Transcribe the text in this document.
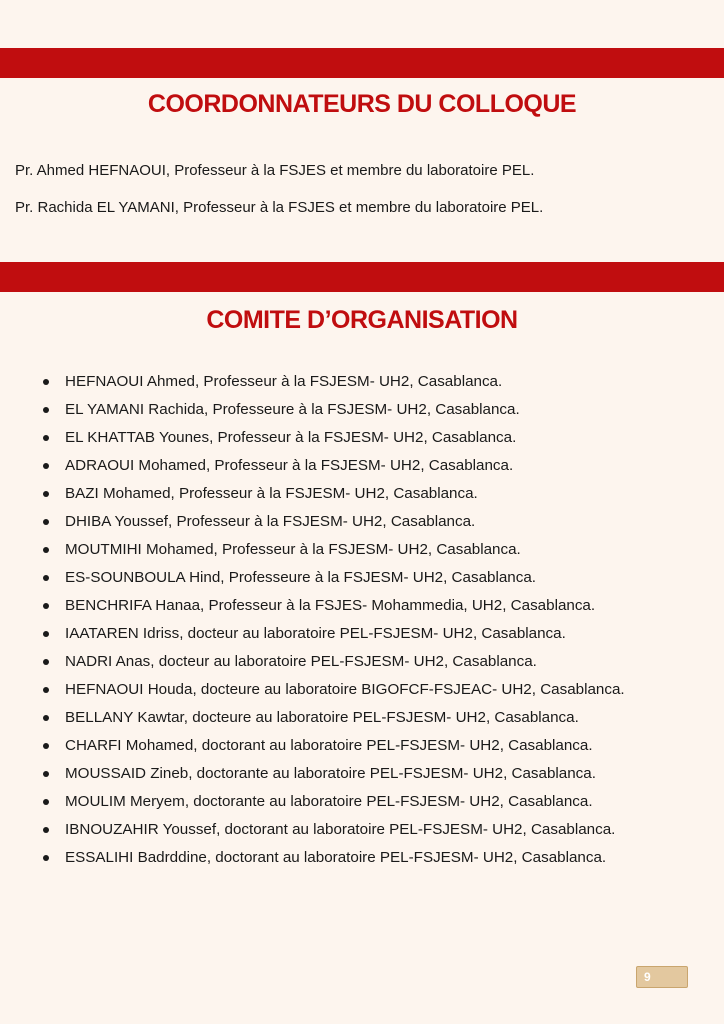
COORDONNATEURS DU COLLOQUE

Pr. Ahmed HEFNAOUI, Professeur à la FSJES et membre du laboratoire PEL.

Pr. Rachida EL YAMANI, Professeur à la FSJES et membre du laboratoire PEL.

COMITE D’ORGANISATION
HEFNAOUI Ahmed, Professeur à la FSJESM- UH2, Casablanca.
EL YAMANI Rachida, Professeure à la FSJESM- UH2, Casablanca.
EL KHATTAB Younes, Professeur à la FSJESM- UH2, Casablanca.
ADRAOUI Mohamed, Professeur à la FSJESM- UH2, Casablanca.
BAZI Mohamed, Professeur à la FSJESM- UH2, Casablanca.
DHIBA Youssef, Professeur à la FSJESM- UH2, Casablanca.
MOUTMIHI Mohamed, Professeur à la FSJESM- UH2, Casablanca.
ES-SOUNBOULA Hind, Professeure à la FSJESM- UH2, Casablanca.
BENCHRIFA Hanaa, Professeur à la FSJES- Mohammedia, UH2, Casablanca.
IAATAREN Idriss, docteur au laboratoire PEL-FSJESM- UH2, Casablanca.
NADRI Anas, docteur au laboratoire PEL-FSJESM- UH2, Casablanca.
HEFNAOUI Houda, docteure au laboratoire BIGOFCF-FSJEAC- UH2, Casablanca.
BELLANY Kawtar, docteure au laboratoire PEL-FSJESM- UH2, Casablanca.
CHARFI Mohamed, doctorant au laboratoire PEL-FSJESM- UH2, Casablanca.
MOUSSAID Zineb, doctorante au laboratoire PEL-FSJESM- UH2, Casablanca.
MOULIM Meryem, doctorante au laboratoire PEL-FSJESM- UH2, Casablanca.
IBNOUZAHIR Youssef, doctorant au laboratoire PEL-FSJESM- UH2, Casablanca.
ESSALIHI Badrddine, doctorant au laboratoire PEL-FSJESM- UH2, Casablanca.
9
